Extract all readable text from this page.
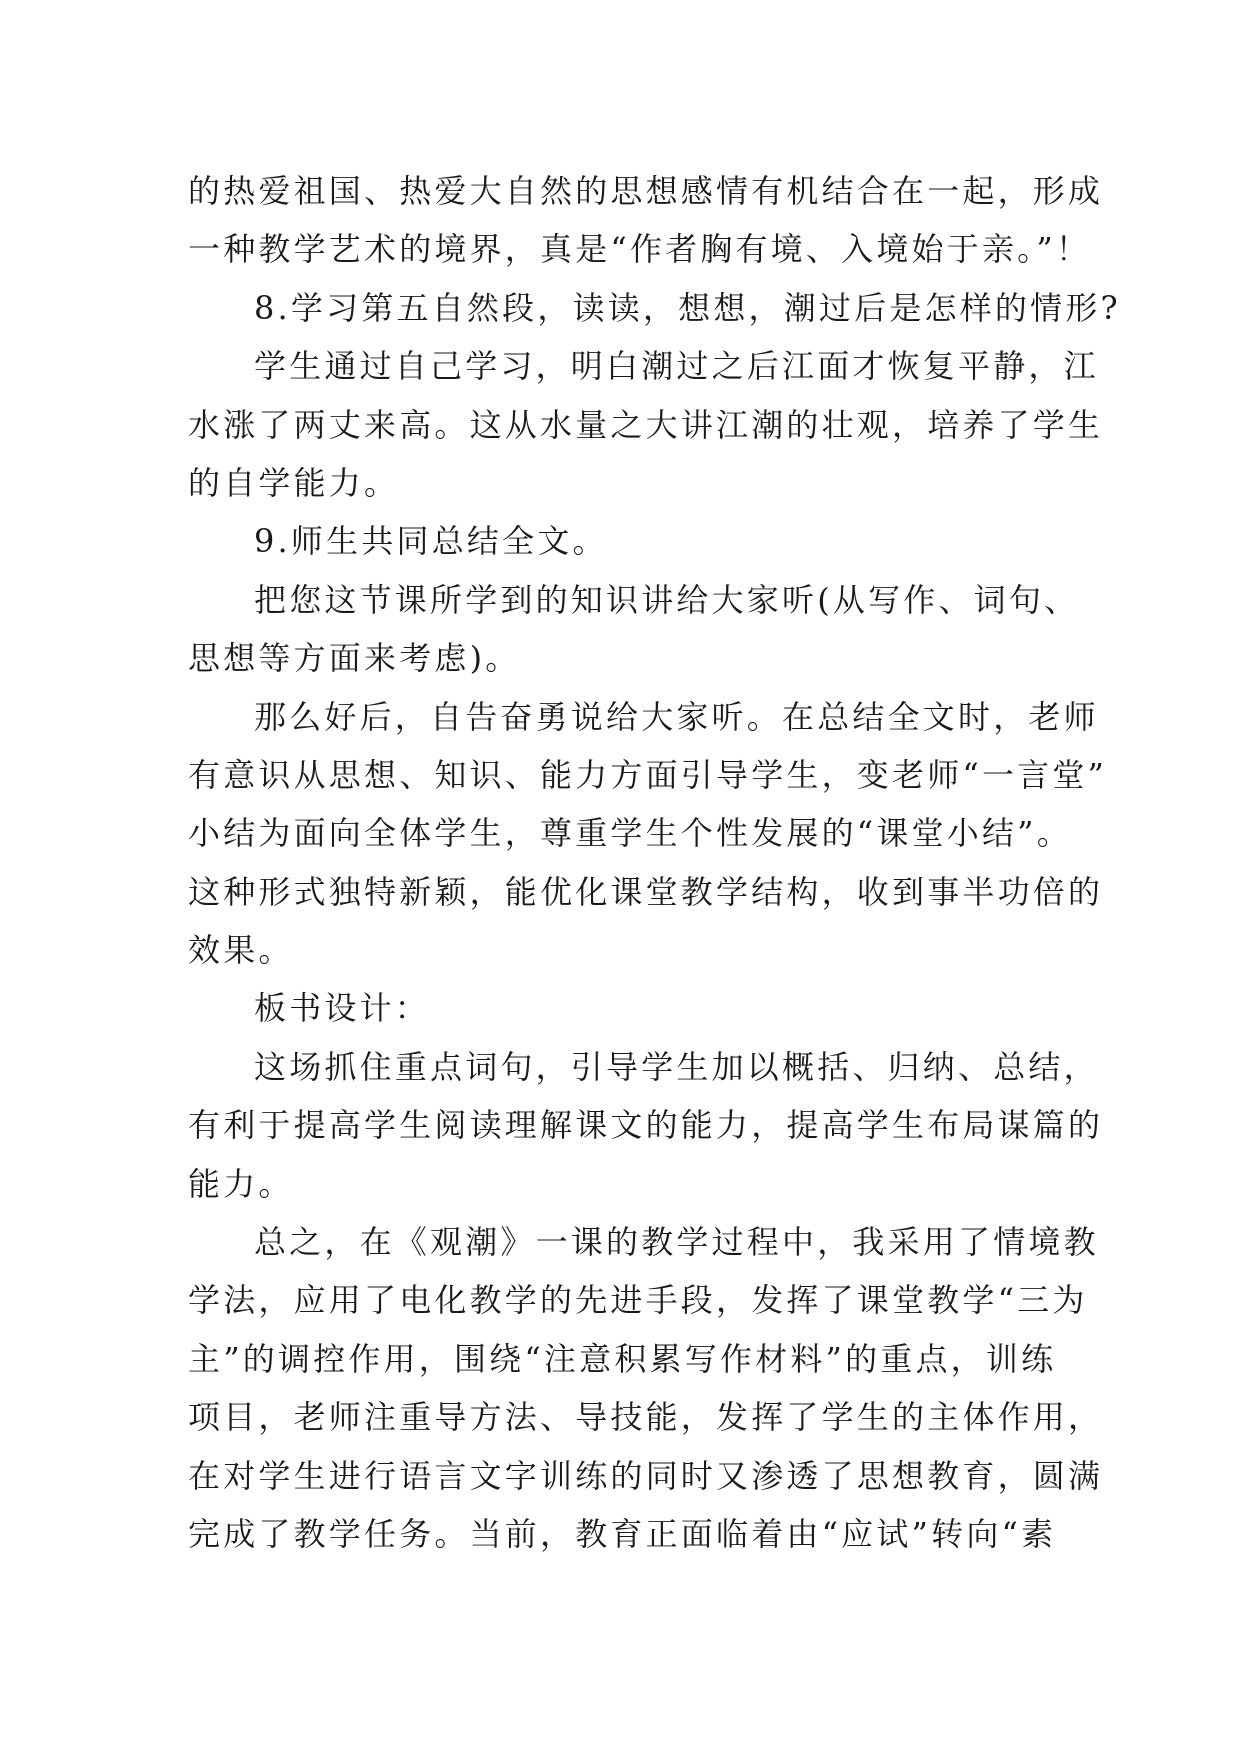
的热爱祖国、热爱大自然的思想感情有机结合在一起，形成
一种教学艺术的境界，真是“作者胸有境、入境始于亲。”！
8.学习第五自然段，读读，想想，潮过后是怎样的情形?
学生通过自己学习，明白潮过之后江面才恢复平静，江
水涨了两丈来高。这从水量之大讲江潮的壮观，培养了学生
的自学能力。
9.师生共同总结全文。
把您这节课所学到的知识讲给大家听(从写作、词句、
思想等方面来考虑)。
那么好后，自告奋勇说给大家听。在总结全文时，老师
有意识从思想、知识、能力方面引导学生，变老师“一言堂”
小结为面向全体学生，尊重学生个性发展的“课堂小结”。
这种形式独特新颖，能优化课堂教学结构，收到事半功倍的
效果。
板书设计：
这场抓住重点词句，引导学生加以概括、归纳、总结，
有利于提高学生阅读理解课文的能力，提高学生布局谋篇的
能力。
总之，在《观潮》一课的教学过程中，我采用了情境教
学法，应用了电化教学的先进手段，发挥了课堂教学“三为
主”的调控作用，围绕“注意积累写作材料”的重点，训练
项目，老师注重导方法、导技能，发挥了学生的主体作用，
在对学生进行语言文字训练的同时又渗透了思想教育，圆满
完成了教学任务。当前，教育正面临着由“应试”转向“素
